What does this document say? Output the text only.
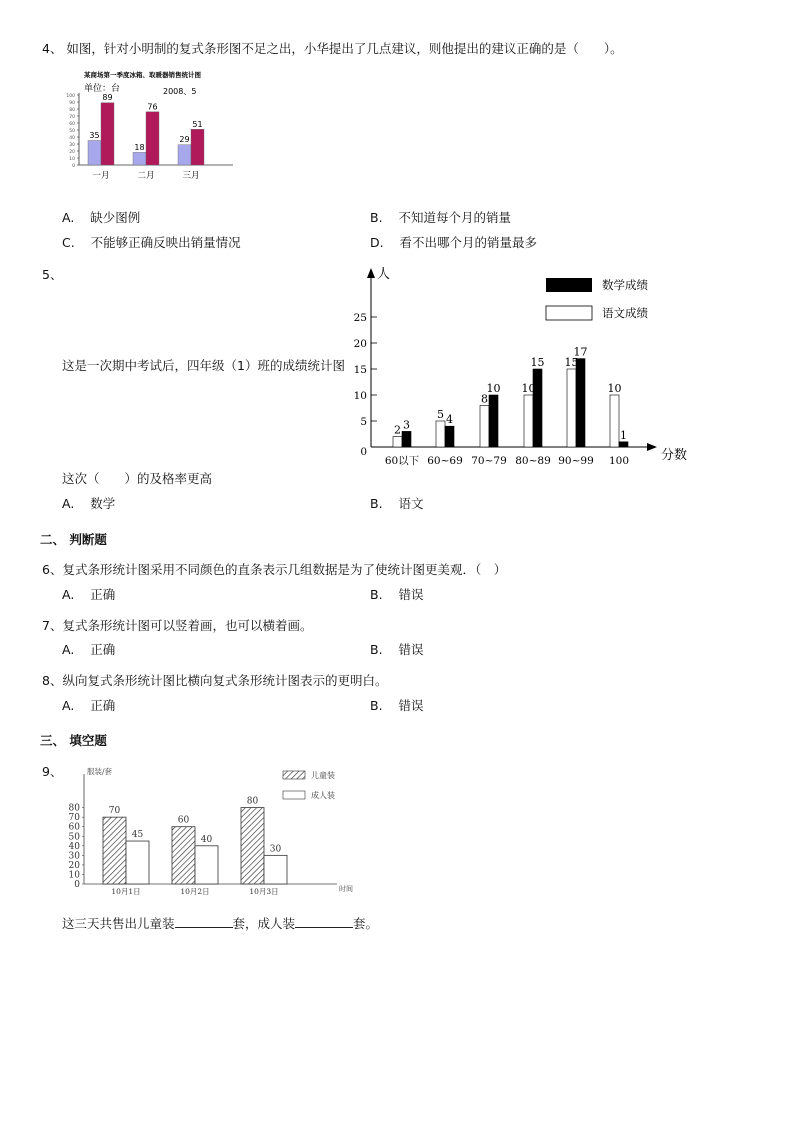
4、 如图，针对小明制的复式条形图不足之出，小华提出了几点建议，则他提出的建议正确的是（　　）。
某商场第一季度冰箱、取暖器销售统计图
单位：台	2008、5
0
10
20
30
40
50
60
70
80
90
100
35
89
一月
18
76
二月
29
51
三月
A. 缺少图例	B. 不知道每个月的销量
C. 不能够正确反映出销量情况	D. 看不出哪个月的销量最多
5、
这是一次期中考试后，四年级（1）班的成绩统计图
人
分数
0
5
10
15
20
25
2 3
60以下
5 4
60~69
8
10
70~79
10
15
80~89
15
17
90~99
10
1
100
数学成绩
语文成绩
这次（　　）的及格率更高
A. 数学	B. 语文
二、 判断题
6、复式条形统计图采用不同颜色的直条表示几组数据是为了使统计图更美观．（　）
A. 正确	B. 错误
7、复式条形统计图可以竖着画，也可以横着画。
A. 正确	B. 错误
8、纵向复式条形统计图比横向复式条形统计图表示的更明白。
A. 正确	B. 错误
三、 填空题
9、	服装/套
时间
0
10
20
30
40
50
60
70
80	70
45
10月1日
60
40
10月2日
80
30
10月3日
儿童装
成人装
这三天共售出儿童装	套，成人装	套。
